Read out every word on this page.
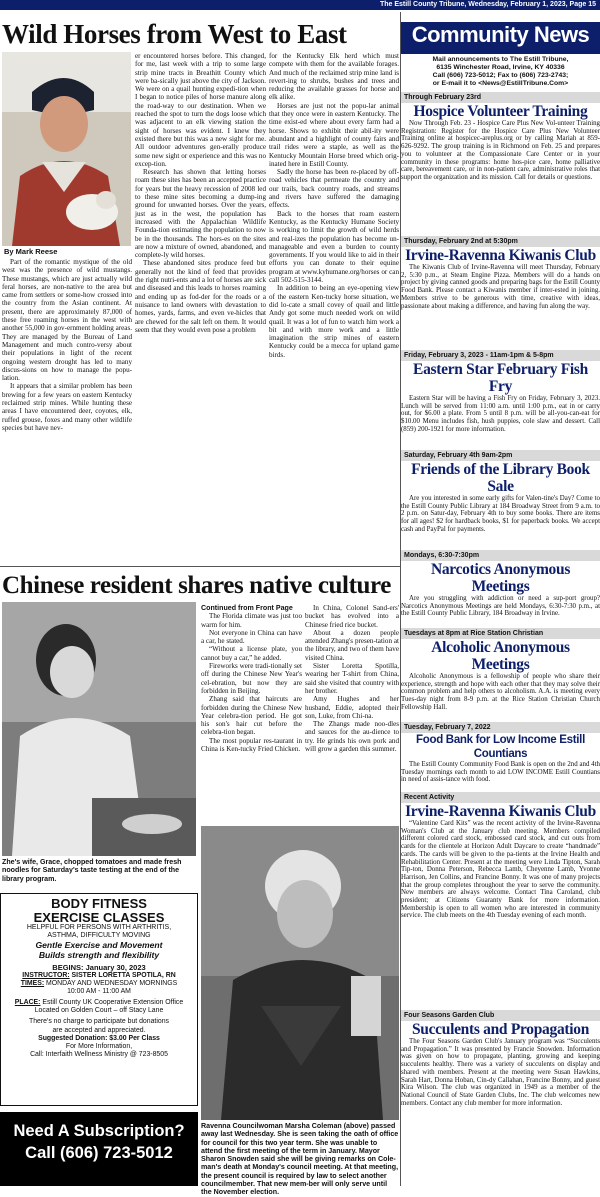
The Estill County Tribune, Wednesday, February 1, 2023, Page 15
Wild Horses from West to East
By Mark Reese

Part of the romantic mystique of the old west was the presence of wild mustangs. These mustangs, which are just actually wild feral horses, are non-native to the area but came from settlers or some-how crossed into the country from the Asian continent. At present, there are approximately 87,000 of these free roaming horses in the west with another 55,000 in gov-ernment holding areas. They are managed by the Bureau of Land Management and much contro-versy about their populations in light of the recent ongoing western drought has led to many discus-sions on how to manage the popu-lation.

It appears that a similar problem has been brewing for a few years on eastern Kentucky reclaimed strip mines. While hunting these areas I have encountered deer, coyotes, elk, ruffed grouse, foxes and many other wildlife species but have nev-

er encountered horses before. This changed, for me, last week with a trip to some large strip mine tracts in Breathitt County which were ba-sically just above the city of Jackson. We were on a quail hunting expedi-tion when I began to notice piles of horse manure along the road-way to our destination. When we reached the spot to turn the dogs loose which was adjacent to an elk viewing station the sight of horses was evident. I knew they existed there but this was a new sight for me. All outdoor adventures gen-erally produce some new sight or experience and this was no excep-tion.

Research has shown that letting horses roam these sites has been an accepted practice for years but the heavy recession of 2008 led to these mine sites becoming a dump-ing ground for unwanted horses. Over the years, just as in the west, the population has increased with the Appalachian Wildlife Founda-tion estimating the population to now be in the thousands. The hors-es on the sites are now a mixture of owned, abandoned, and complete-ly wild horses.

These abandoned sites produce feed but generally not the kind of feed that provides the right nutri-ents and a lot of horses are sick and diseased and this leads to horses roaming and ending up as fod-der for the roads or a nuisance to land owners with devastation to homes, yards, farms, and even ve-hicles that are chewed for the salt left on them. It would seem that they would even pose a problem

for the Kentucky Elk herd which must compete with them for the available forages. And much of the reclaimed strip mine land is revert-ing to shrubs, bushes and trees and reducing the available grasses for horse and elk alike.

Horses are just not the popu-lar animal that they once were in eastern Kentucky. The time exist-ed where about every farm had a horse. Shows to exhibit their abil-ity were abundant and a highlight of county fairs and trail rides were a staple, as well as the Kentucky Mountain Horse breed which orig-inated here in Estill County.

Sadly the horse has been re-placed by off-road vehicles that permeate the country and our trails, back country roads, and streams and rivers have suffered the damaging effects.

Back to the horses that roam eastern Kentucky, as the Kentucky Humane Society is working to limit the growth of wild herds and real-izes the population has become un-manageable and even a burden to county governments. If you would like to aid in their efforts you can donate to their equine program at www.kyhumane.org/horses or can call 502-515-3144.

In addition to being an eye-opening view of the eastern Ken-tucky horse situation, we did lo-cate a small covey of quail and little Andy got some much needed work on wild quail. It was a lot of fun to watch him work a bit and with more work and a little imagination the strip mines of eastern Kentucky could be a mecca for upland game birds.

Chinese resident shares native culture
Zhe's wife, Grace, chopped tomatoes and made fresh noodles for Saturday's taste testing at the end of the library program.

Continued from Front Page

The Florida climate was just too warm for him.

Not everyone in China can have a car, he stated.

“Without a license plate, you cannot buy a car,” he added.

Fireworks were tradi-tionally set off during the Chinese New Year's cel-ebration, but now they are forbidden in Beijing.

Zhang said that haircuts are forbidden during the Chinese New Year celebra-tion period. He got his son's hair cut before the celebra-tion began.

The most popular res-taurant in China is Ken-tucky Fried Chicken.

In China, Colonel Sand-ers' bucket has evolved into a Chinese fried rice bucket.

About a dozen people attended Zhang's presen-tation at the library, and two of them have visited China.

Sister Loretta Spotilla, wearing her T-shirt from China, said she visited that country with her brother.

Amy Hughes and her husband, Eddie, adopted their son, Luke, from Chi-na.

The Zhangs made noo-dles and sauces for the au-dience to try. He grinds his own pork and will grow a garden this summer.

Ravenna Councilwoman Marsha Coleman (above) passed away last Wednesday. She is seen taking the oath of office for council for this two year term. She was unable to attend the first meeting of the term in January. Mayor Sharon Snowden said she will be giving remarks on Cole-man's death at Monday's council meeting. At that meeting, the present council is required by law to select another councilmember. That new mem-ber will only serve until the November election.
BODY FITNESS
EXERCISE CLASSES
HELPFUL FOR PERSONS WITH ARTHRITIS,
ASTHMA, DIFFICULTY MOVING
Gentle Exercise and Movement
Builds strength and flexibility
BEGINS: January 30, 2023
INSTRUCTOR: SISTER LORETTA SPOTILA, RN
TIMES: MONDAY AND WEDNESDAY MORNINGS
10:00 AM - 11:00 AM
PLACE: Estill County UK Cooperative Extension Office
Located on Golden Court – off Stacy Lane
There's no charge to participate but donations
are accepted and appreciated.
Suggested Donation: $3.00 Per Class
For More Information,
Call: Interfaith Wellness Ministry @ 723-8505
Need A Subscription?
Call (606) 723-5012
Community News
Mail announcements to The Estill Tribune,
6135 Winchester Road, Irvine, KY 40336
Call (606) 723-5012; Fax to (606) 723-2743;
or E-mail it to <News@EstillTribune.Com>
Through February 23rd
Hospice Volunteer Training
Now Through Feb. 23 - Hospice Care Plus New Vol-unteer Training Registration: Register for the Hospice Care Plus New Volunteer Training online at hospicec-areplus.org or by calling Mariah at 859-626-9292. The group training is in Richmond on Feb. 25 and prepares you to volunteer at the Compassionate Care Center or in your community in these programs: home hos-pice care, home palliative care, bereavement care, or in non-patient care, administrative roles that support the organization and its mission. Call for details or questions.
Thursday, February 2nd at 5:30pm
Irvine-Ravenna Kiwanis Club
The Kiwanis Club of Irvine-Ravenna will meet Thursday, February 2, 5:30 p.m., at Steam Engine Pizza. Members will do a hands on project by giving canned goods and preparing bags for the Estill County Food Bank. Please contact a Kiwanis member if inter-ested in joining. Members strive to be generous with time, creative with ideas, passionate about making a difference, and having fun along the way.
Friday, February 3, 2023 - 11am-1pm & 5-8pm
Eastern Star February Fish Fry
Eastern Star will be having a Fish Fry on Friday, February 3, 2023. Lunch will be served from 11:00 a.m. until 1:00 p.m., eat in or carry out, for $6.00 a plate. From 5 until 8 p.m. will be all-you-can-eat for $10.00 Menu includes fish, hush puppies, cole slaw and dessert. Call (859) 200-1921 for more information.
Saturday, February 4th 9am-2pm
Friends of the Library Book Sale
Are you interested in some early gifts for Valen-tine's Day? Come to the Estill County Public Library at 184 Broadway Street from 9 a.m. to 2 p.m. on Satur-day, February 4th to buy some books. There are items for all ages! $2 for hardback books, $1 for paperback books. We accept cash and PayPal for payments.
Mondays, 6:30-7:30pm
Narcotics Anonymous Meetings
Are you struggling with addiction or need a sup-port group? Narcotics Anonymous Meetings are held Mondays, 6:30-7:30 p.m., at the Estill County Public Library, 184 Broadway in Irvine.
Tuesdays at 8pm at Rice Station Christian
Alcoholic Anonymous Meetings
Alcoholic Anonymous is a fellowship of people who share their experience, strength and hope with each other that they may solve their common problem and help others to alcoholism. A.A. is meeting every Tues-day night from 8-9 p.m. at the Rice Station Christian Church Fellowship Hall.
Tuesday, February 7, 2022
Food Bank for Low Income Estill Countians
The Estill County Community Food Bank is open on the 2nd and 4th Tuesday mornings each month to aid LOW INCOME Estill Countians in need of assis-tance with food.
Recent Activity
Irvine-Ravenna Kiwanis Club
“Valentine Card Kits” was the recent activity of the Irvine-Ravenna Woman's Club at the January club meeting. Members compiled different colored card stock, embossed card stock, and cut outs from cards for the clientele at Horizon Adult Daycare to create “handmade” cards. The cards will be given to the pa-tients at the Irvine Health and Rehabilitation Center. Present at the meeting were Linda Tipton, Sarah Tip-ton, Donna Peterson, Rebecca Lamb, Cheyenne Lamb, Yvonne Harrison, Jen Collins, and Francine Bonny. It was one of many projects that the group completes throughout the year to serve the community. New members are always welcome. Contact Tina Caroland, club president; at Citizens Guaranty Bank for more information. Membership is open to all women who are interested in community service. The club meets on the 4th Tuesday evening of each month.
Four Seasons Garden Club
Succulents and Propagation
The Four Seasons Garden Club's January program was “Succulents and Propagation.” It was presented by Francie Snowden. Information was given on how to propagate, planting, growing and keeping succulents healthy. There was a variety of succulents on display and shared with members. Present at the meeting were Susan Hawkins, Sarah Hart, Donna Hoban, Cin-dy Callahan, Francine Bonny, and guest Kira Wilson. The club was organized in 1949 as a member of the National Council of State Garden Clubs, Inc. The club welcomes new members. Contact any club member for more information.
